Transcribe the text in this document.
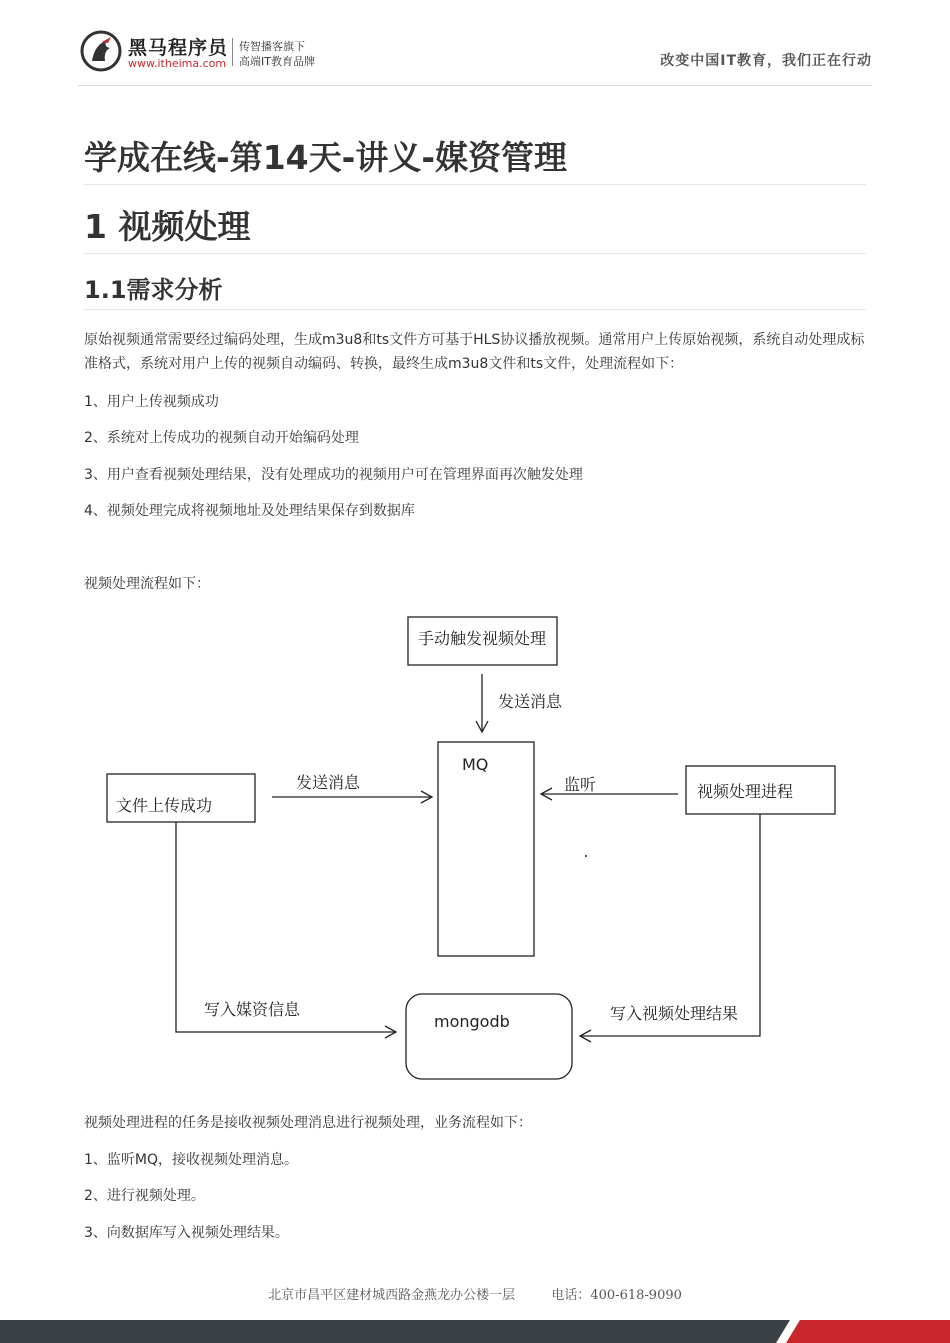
黑马程序员
www.itheima.com
传智播客旗下
高端IT教育品牌	改变中国IT教育，我们正在行动
学成在线-第14天-讲义-媒资管理
1 视频处理
1.1需求分析
原始视频通常需要经过编码处理，生成m3u8和ts文件方可基于HLS协议播放视频。通常用户上传原始视频，系统自动处理成标准格式，系统对用户上传的视频自动编码、转换，最终生成m3u8文件和ts文件，处理流程如下：
1、用户上传视频成功
2、系统对上传成功的视频自动开始编码处理
3、用户查看视频处理结果，没有处理成功的视频用户可在管理界面再次触发处理
4、视频处理完成将视频地址及处理结果保存到数据库
视频处理流程如下：
手动触发视频处理
发送消息
MQ
文件上传成功
发送消息	视频处理进程
监听
mongodb
写入媒资信息	写入视频处理结果
视频处理进程的任务是接收视频处理消息进行视频处理，业务流程如下：
1、监听MQ，接收视频处理消息。
2、进行视频处理。
3、向数据库写入视频处理结果。
北京市昌平区建材城西路金燕龙办公楼一层	电话：400-618-9090
